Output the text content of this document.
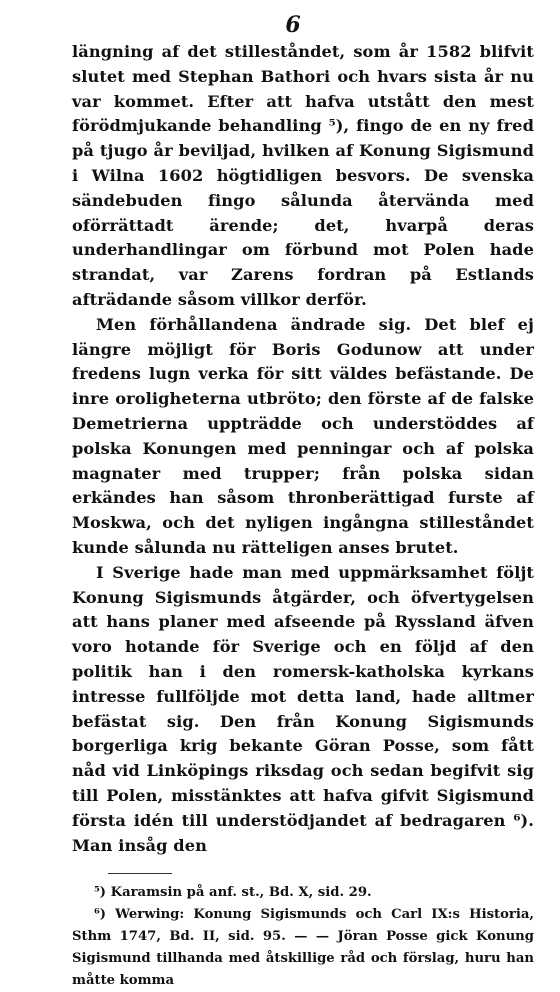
6

längning af det stilleståndet, som år 1582 blifvit slutet med Stephan Bathori och hvars sista år nu var kommet. Efter att hafva utstått den mest förödmjukande behandling ⁵), fingo de en ny fred på tjugo år beviljad, hvilken af Konung Sigismund i Wilna 1602 högtidligen besvors. De svenska sändebuden fingo sålunda återvända med oförrättadt ärende; det, hvarpå deras underhandlingar om förbund mot Polen hade strandat, var Zarens fordran på Estlands afträdande såsom villkor derför.

Men förhållandena ändrade sig. Det blef ej längre möjligt för Boris Godunow att under fredens lugn verka för sitt väldes befästande. De inre oroligheterna utbröto; den förste af de falske Demetrierna uppträdde och understöddes af polska Konungen med penningar och af polska magnater med trupper; från polska sidan erkändes han såsom thronberättigad furste af Moskwa, och det nyligen ingångna stilleståndet kunde sålunda nu rätteligen anses brutet.

I Sverige hade man med uppmärksamhet följt Konung Sigismunds åtgärder, och öfvertygelsen att hans planer med afseende på Ryssland äfven voro hotande för Sverige och en följd af den politik han i den romersk-katholska kyrkans intresse fullföljde mot detta land, hade alltmer befästat sig. Den från Konung Sigismunds borgerliga krig bekante Göran Posse, som fått nåd vid Linköpings riksdag och sedan begifvit sig till Polen, misstänktes att hafva gifvit Sigismund första idén till understödjandet af bedragaren ⁶). Man insåg den

⁵) Karamsin på anf. st., Bd. X, sid. 29.

⁶) Werwing: Konung Sigismunds och Carl IX:s Historia, Sthm 1747, Bd. II, sid. 95. — — Jöran Posse gick Konung Sigismund tillhanda med åtskillige råd och förslag, huru han måtte komma
